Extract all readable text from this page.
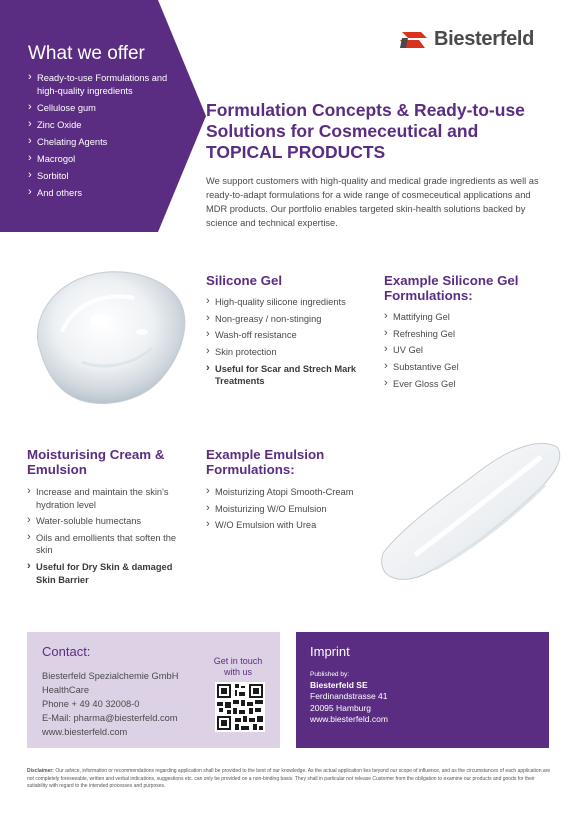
What we offer
› Ready-to-use Formulations and high-quality ingredients
› Cellulose gum
› Zinc Oxide
› Chelating Agents
› Macrogol
› Sorbitol
› And others
Biesterfeld
Formulation Concepts & Ready-to-use Solutions for Cosmeceutical and
TOPICAL PRODUCTS

We support customers with high-quality and medical grade ingredients as well as ready-to-adapt formulations for a wide range of cosmeceutical applications and MDR products. Our portfolio enables targeted skin-health solutions backed by science and technical expertise.

Silicone Gel
› High-quality silicone ingredients
› Non-greasy / non-stinging
› Wash-off resistance
› Skin protection
› Useful for Scar and Strech Mark Treatments
Example Silicone Gel Formulations:
› Mattifying Gel
› Refreshing Gel
› UV Gel
› Substantive Gel
› Ever Gloss Gel
Moisturising Cream & Emulsion
› Increase and maintain the skin's hydration level
› Water-soluble humectans
› Oils and emollients that soften the skin
› Useful for Dry Skin & damaged Skin Barrier
Example Emulsion Formulations:
› Moisturizing Atopi Smooth-Cream
› Moisturizing W/O Emulsion
› W/O Emulsion with Urea
Contact:
Biesterfeld Spezialchemie GmbH
HealthCare
Phone + 49 40 32008-0
E-Mail: pharma@biesterfeld.com
www.biesterfeld.com
Get in touch with us
Imprint
Published by:
Biesterfeld SE
Ferdinandstrasse 41
20095 Hamburg
www.biesterfeld.com

Disclaimer: Our advice, information or recommendations regarding application shall be provided to the best of our knowledge. As the actual application lies beyond our scope of influence, and as the circumstances of each application are not completely foreseeable, written and verbal indications, suggestions etc. can only be provided on a non-binding basis. They shall in particular not release Customer from the obligation to examine our products and goods for their suitability with regard to the intended processes and purposes.
